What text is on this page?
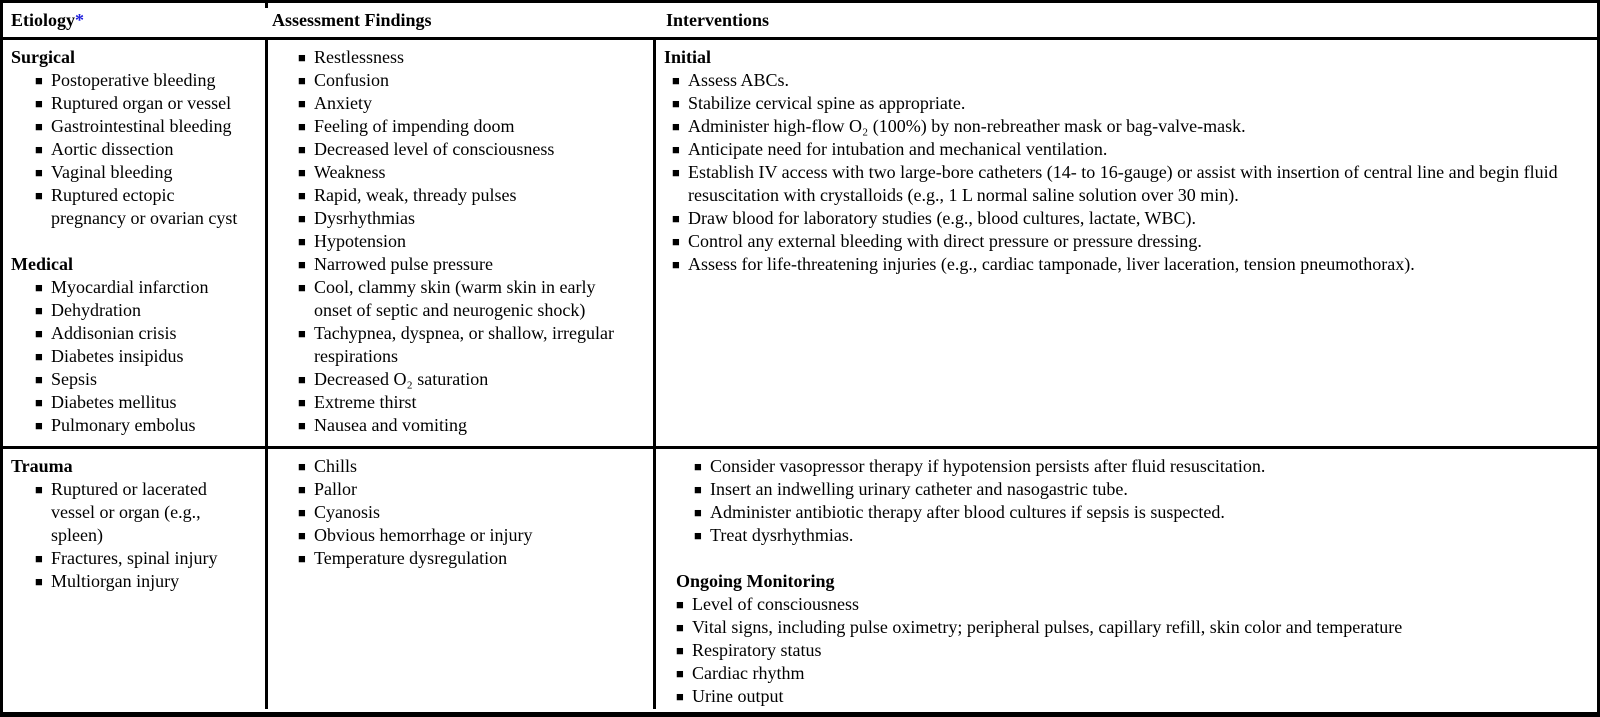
Etiology*	Assessment Findings	Interventions
Surgical
■ Postoperative bleeding
■ Ruptured organ or vessel
■ Gastrointestinal bleeding
■ Aortic dissection
■ Vaginal bleeding
■ Ruptured ectopic pregnancy or ovarian cyst
Medical
■ Myocardial infarction
■ Dehydration
■ Addisonian crisis
■ Diabetes insipidus
■ Sepsis
■ Diabetes mellitus
■ Pulmonary embolus
■ Restlessness
■ Confusion
■ Anxiety
■ Feeling of impending doom
■ Decreased level of consciousness
■ Weakness
■ Rapid, weak, thready pulses
■ Dysrhythmias
■ Hypotension
■ Narrowed pulse pressure
■ Cool, clammy skin (warm skin in early onset of septic and neurogenic shock)
■ Tachypnea, dyspnea, or shallow, irregular respirations
■ Decreased O₂ saturation
■ Extreme thirst
■ Nausea and vomiting
Initial
■ Assess ABCs.
■ Stabilize cervical spine as appropriate.
■ Administer high-flow O₂ (100%) by non-rebreather mask or bag-valve-mask.
■ Anticipate need for intubation and mechanical ventilation.
■ Establish IV access with two large-bore catheters (14- to 16-gauge) or assist with insertion of central line and begin fluid resuscitation with crystalloids (e.g., 1 L normal saline solution over 30 min).
■ Draw blood for laboratory studies (e.g., blood cultures, lactate, WBC).
■ Control any external bleeding with direct pressure or pressure dressing.
■ Assess for life-threatening injuries (e.g., cardiac tamponade, liver laceration, tension pneumothorax).
Trauma
■ Ruptured or lacerated vessel or organ (e.g., spleen)
■ Fractures, spinal injury
■ Multiorgan injury
■ Chills
■ Pallor
■ Cyanosis
■ Obvious hemorrhage or injury
■ Temperature dysregulation
■ Consider vasopressor therapy if hypotension persists after fluid resuscitation.
■ Insert an indwelling urinary catheter and nasogastric tube.
■ Administer antibiotic therapy after blood cultures if sepsis is suspected.
■ Treat dysrhythmias.
Ongoing Monitoring
■ Level of consciousness
■ Vital signs, including pulse oximetry; peripheral pulses, capillary refill, skin color and temperature
■ Respiratory status
■ Cardiac rhythm
■ Urine output
